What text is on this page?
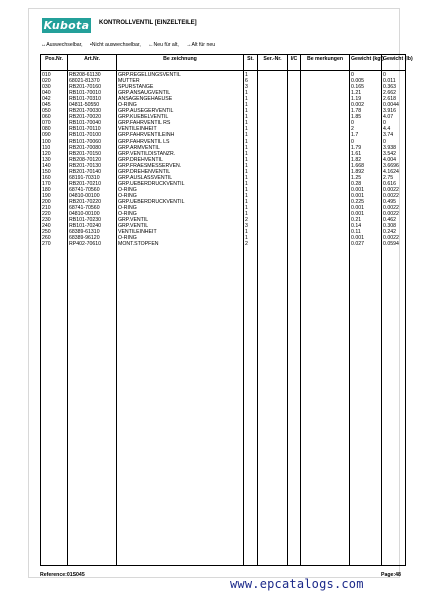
Kubota KONTROLLVENTIL [EINZELTEILE]
↔Auswechselbar, •Nicht auswechselbar, ←Neu für alt, →Alt für neu
Pos.Nr.	Art.Nr.	Be zeichnung	St.	Ser.-Nr.	I/C	Be merkungen	Gewicht (kgf)	Gewicht (lb)
010	RB208-61130	GRP.REGELUNGSVENTIL	1				0	0
020	68021-81370	MUTTER	6				0.005	0.011
030	RB201-70160	SPURSTANGE	3				0.165	0.363
040	RB101-70010	GRP.ANSAUGVENTIL	1				1.21	2.662
042	RB101-70310	ANSAGENGEHAEUSE	1				1.19	2.618
045	04811-50550	O-RING	1				0.002	0.0044
050	RB201-70030	GRP.AUSEGERVENTIL	1				1.78	3.916
060	RB201-70020	GRP.KUEBELVENTIL	1				1.85	4.07
070	RB101-70040	GRP.FAHRVENTIL RS	1				0	0
080	RB101-70110	VENTILEINHEIT	1				2	4.4
090	RB101-70100	GRP.FAHRVENTILEINH	1				1.7	3.74
100	RB101-70060	GRP.FAHRVENTIL LS	1				0	0
110	RB201-70080	GRP.ARMVENTIL	1				1.79	3.938
120	RB201-70150	GRP.VENTILDISTANZR.	1				1.61	3.542
130	RB208-70120	GRP.DREHVENTIL	1				1.82	4.004
140	RB201-70130	GRP.FRAESMESSERVEN.	1				1.668	3.6696
150	RB201-70140	GRP.DREHENVENTIL	1				1.892	4.1624
160	68191-70310	GRP.AUSLASSVENTIL	1				1.25	2.75
170	RB201-70210	GRP.UEBERDRUCKVENTIL	1				0.28	0.616
180	68741-70560	O-RING	1				0.001	0.0022
190	04810-00100	O-RING	1				0.001	0.0022
200	RB201-70220	GRP.UEBERDRUCKVENTIL	1				0.225	0.495
210	68741-70560	O-RING	1				0.001	0.0022
220	04810-00100	O-RING	1				0.001	0.0022
230	RB101-70230	GRP.VENTIL	2				0.21	0.462
240	RB101-70240	GRP.VENTIL	3				0.14	0.308
250	68389-61310	VENTILEINHEIT	1				0.11	0.242
260	68389-96120	O-RING	1				0.001	0.0022
270	RP402-70610	MONT.STOPFEN	2				0.027	0.0594

Reference:01S045	Page:48
www.epcatalogs.com
